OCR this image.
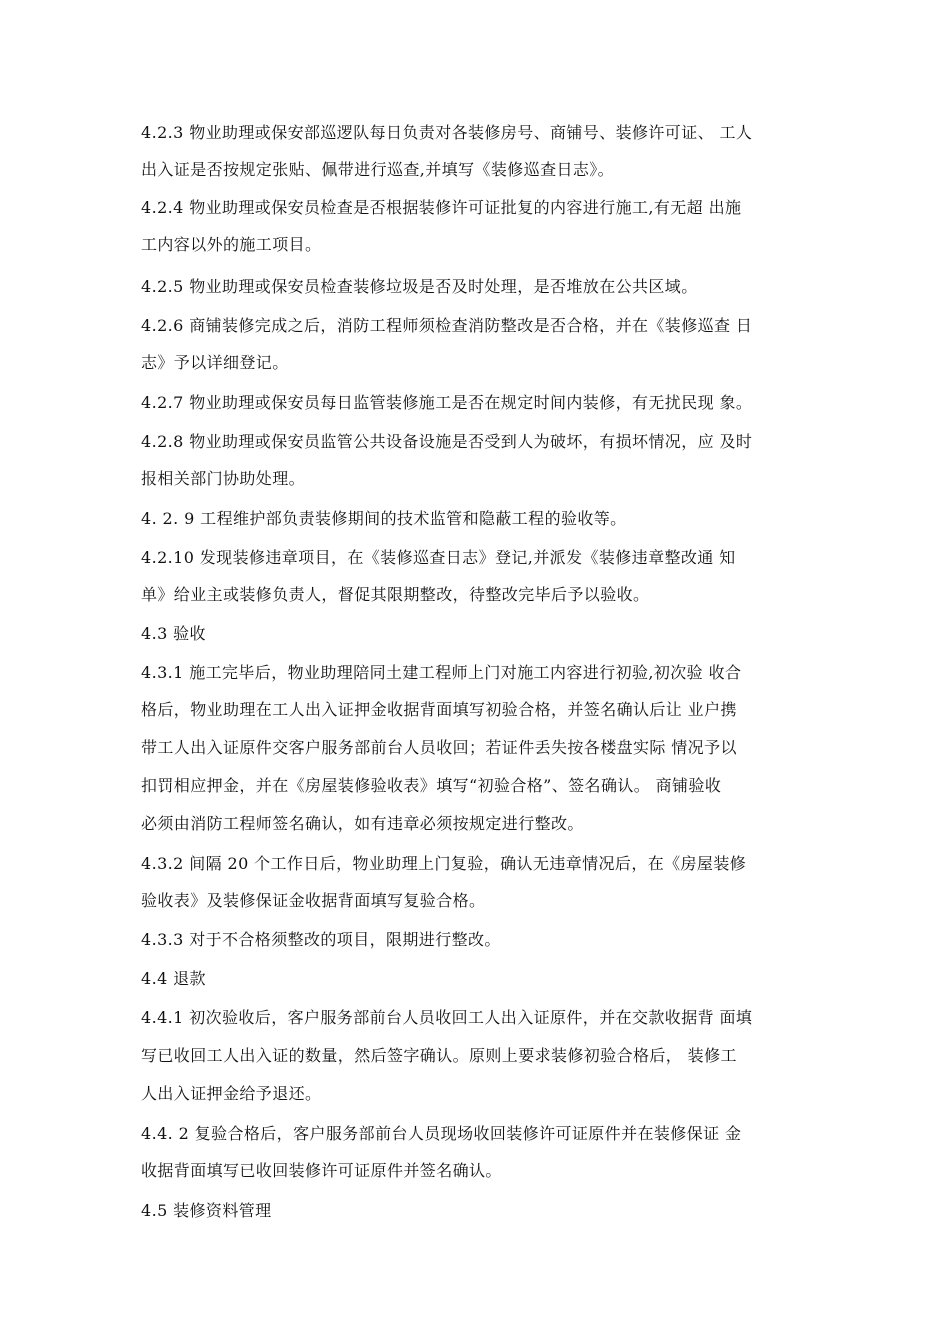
4.2.3 物业助理或保安部巡逻队每日负责对各装修房号、商铺号、装修许可证、 工人
出入证是否按规定张贴、佩带进行巡查,并填写《装修巡查日志》。
4.2.4 物业助理或保安员检查是否根据装修许可证批复的内容进行施工,有无超 出施
工内容以外的施工项目。
4.2.5 物业助理或保安员检查装修垃圾是否及时处理，是否堆放在公共区域。
4.2.6 商铺装修完成之后，消防工程师须检查消防整改是否合格，并在《装修巡查 日
志》予以详细登记。
4.2.7 物业助理或保安员每日监管装修施工是否在规定时间内装修，有无扰民现 象。
4.2.8 物业助理或保安员监管公共设备设施是否受到人为破坏，有损坏情况，应 及时
报相关部门协助处理。
4. 2. 9 工程维护部负责装修期间的技术监管和隐蔽工程的验收等。
4.2.10 发现装修违章项目，在《装修巡查日志》登记,并派发《装修违章整改通 知
单》给业主或装修负责人，督促其限期整改，待整改完毕后予以验收。
4.3 验收
4.3.1 施工完毕后，物业助理陪同土建工程师上门对施工内容进行初验,初次验 收合
格后，物业助理在工人出入证押金收据背面填写初验合格，并签名确认后让 业户携
带工人出入证原件交客户服务部前台人员收回；若证件丢失按各楼盘实际 情况予以
扣罚相应押金，并在《房屋装修验收表》填写“初验合格”、签名确认。 商铺验收
必须由消防工程师签名确认，如有违章必须按规定进行整改。
4.3.2 间隔 20 个工作日后，物业助理上门复验，确认无违章情况后，在《房屋装修
验收表》及装修保证金收据背面填写复验合格。
4.3.3 对于不合格须整改的项目，限期进行整改。
4.4 退款
4.4.1 初次验收后，客户服务部前台人员收回工人出入证原件，并在交款收据背 面填
写已收回工人出入证的数量，然后签字确认。原则上要求装修初验合格后， 装修工
人出入证押金给予退还。
4.4. 2 复验合格后，客户服务部前台人员现场收回装修许可证原件并在装修保证 金
收据背面填写已收回装修许可证原件并签名确认。
4.5 装修资料管理
